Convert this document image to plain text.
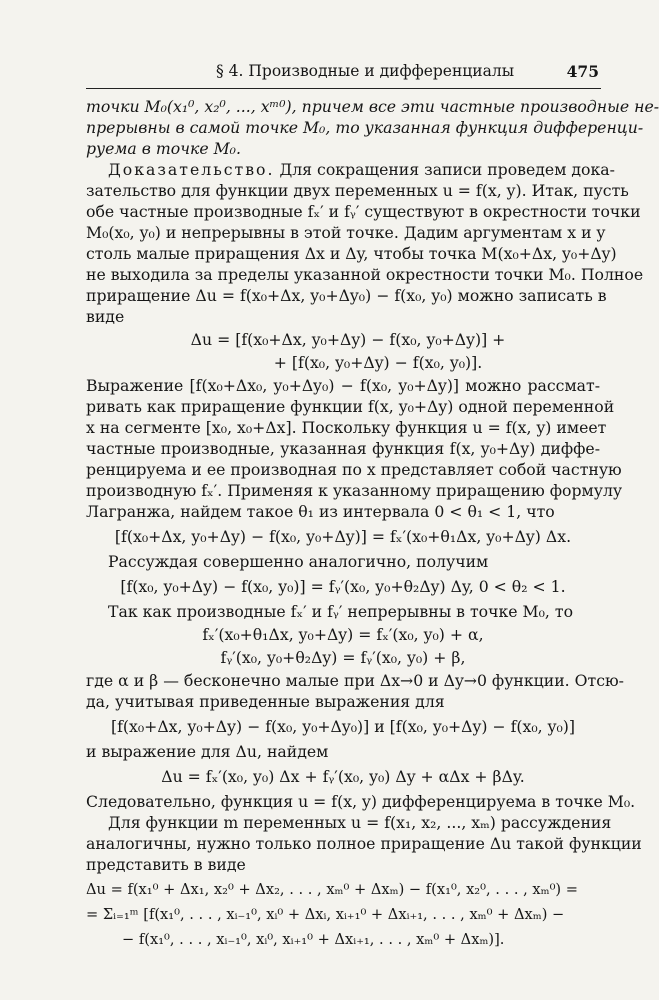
§ 4. Производные и дифференциалы	475
точки M₀(x₁⁰, x₂⁰, ..., xᵐ⁰), причем все эти частные производные не-
прерывны в самой точке M₀, то указанная функция дифференци-
руема в точке M₀.
Доказательство. Для сокращения записи проведем дока-
зательство для функции двух переменных u = f(x, y). Итак, пусть
обе частные производные fₓ′ и fᵧ′ существуют в окрестности точки
M₀(x₀, y₀) и непрерывны в этой точке. Дадим аргументам x и y
столь малые приращения Δx и Δy, чтобы точка M(x₀+Δx, y₀+Δy)
не выходила за пределы указанной окрестности точки M₀. Полное
приращение Δu = f(x₀+Δx, y₀+Δy₀) − f(x₀, y₀) можно записать в
виде
Δu = [f(x₀+Δx, y₀+Δy) − f(x₀, y₀+Δy)] +
+ [f(x₀, y₀+Δy) − f(x₀, y₀)].
Выражение [f(x₀+Δx₀, y₀+Δy₀) − f(x₀, y₀+Δy)] можно рассмат-
ривать как приращение функции f(x, y₀+Δy) одной переменной
x на сегменте [x₀, x₀+Δx]. Поскольку функция u = f(x, y) имеет
частные производные, указанная функция f(x, y₀+Δy) диффе-
ренцируема и ее производная по x представляет собой частную
производную fₓ′. Применяя к указанному приращению формулу
Лагранжа, найдем такое θ₁ из интервала 0 < θ₁ < 1, что
[f(x₀+Δx, y₀+Δy) − f(x₀, y₀+Δy)] = fₓ′(x₀+θ₁Δx, y₀+Δy) Δx.
Рассуждая совершенно аналогично, получим
[f(x₀, y₀+Δy) − f(x₀, y₀)] = fᵧ′(x₀, y₀+θ₂Δy) Δy, 0 < θ₂ < 1.
Так как производные fₓ′ и fᵧ′ непрерывны в точке M₀, то
fₓ′(x₀+θ₁Δx, y₀+Δy) = fₓ′(x₀, y₀) + α,
fᵧ′(x₀, y₀+θ₂Δy) = fᵧ′(x₀, y₀) + β,
где α и β — бесконечно малые при Δx→0 и Δy→0 функции. Отсю-
да, учитывая приведенные выражения для
[f(x₀+Δx, y₀+Δy) − f(x₀, y₀+Δy₀)] и [f(x₀, y₀+Δy) − f(x₀, y₀)]
и выражение для Δu, найдем
Δu = fₓ′(x₀, y₀) Δx + fᵧ′(x₀, y₀) Δy + αΔx + βΔy.
Следовательно, функция u = f(x, y) дифференцируема в точке M₀.
Для функции m переменных u = f(x₁, x₂, ..., xₘ) рассуждения
аналогичны, нужно только полное приращение Δu такой функции
представить в виде
Δu = f(x₁⁰ + Δx₁, x₂⁰ + Δx₂, . . . , xₘ⁰ + Δxₘ) − f(x₁⁰, x₂⁰, . . . , xₘ⁰) =
= Σᵢ₌₁ᵐ [f(x₁⁰, . . . , xᵢ₋₁⁰, xᵢ⁰ + Δxᵢ, xᵢ₊₁⁰ + Δxᵢ₊₁, . . . , xₘ⁰ + Δxₘ) −
− f(x₁⁰, . . . , xᵢ₋₁⁰, xᵢ⁰, xᵢ₊₁⁰ + Δxᵢ₊₁, . . . , xₘ⁰ + Δxₘ)].
